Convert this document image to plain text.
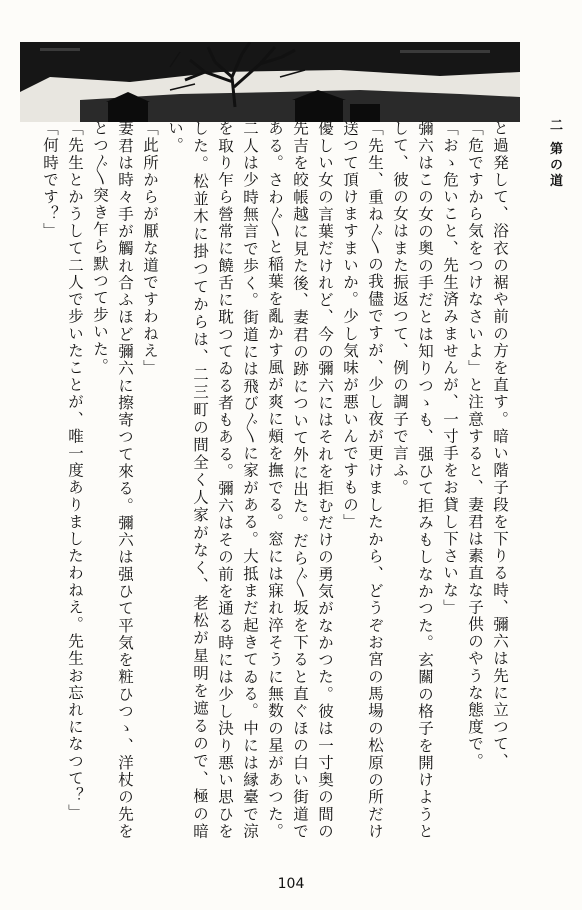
二 第の道

と過発して、浴衣の裾や前の方を直す。暗い階子段を下りる時、彌六は先に立つて、

「危ですから気をつけなさいよ」と注意すると、妻君は素直な子供のやうな態度で。

「おゝ危いこと、先生済みませんが、一寸手をお貸し下さいな」

彌六はこの女の奥の手だとは知りつゝも、强ひて拒みもしなかつた。玄關の格子を開けようとして、彼の女はまた振返つて、例の調子で言ふ。

「先生、重ね〲の我儘ですが、少し夜が更けましたから、どうぞお宮の馬場の松原の所だけ送つて頂けますまいか。少し気味が悪いんですもの」

優しい女の言葉だけれど、今の彌六にはそれを拒むだけの勇気がなかつた。彼は一寸奥の間の先吉を皎帳越に見た後、妻君の跡について外に出た。だら〲坂を下ると直ぐほの白い街道である。さわ〲と稲葉を亂かす風が爽に頰を撫でる。窓には寐れ淬そうに無数の星があつた。二人は少時無言で歩く。街道には飛び〲に家がある。大抵まだ起きてゐる。中には縁臺で涼を取り乍ら營常に饒舌に耽つてゐる者もある。彌六はその前を通る時には少し決り悪い思ひをした。松並木に掛つてからは、二三町の間全く人家がなく、老松が星明を遮るので、極の暗い。

「此所からが厭な道ですわねえ」

妻君は時々手が觸れ合ふほど彌六に擦寄つて來る。彌六は强ひて平気を粧ひつゝ、洋杖の先をとつ〲突き乍ら默つて步いた。

「先生とかうして二人で步いたことが、唯一度ありましたわねえ。先生お忘れになつて？」

「何時です？」

104
